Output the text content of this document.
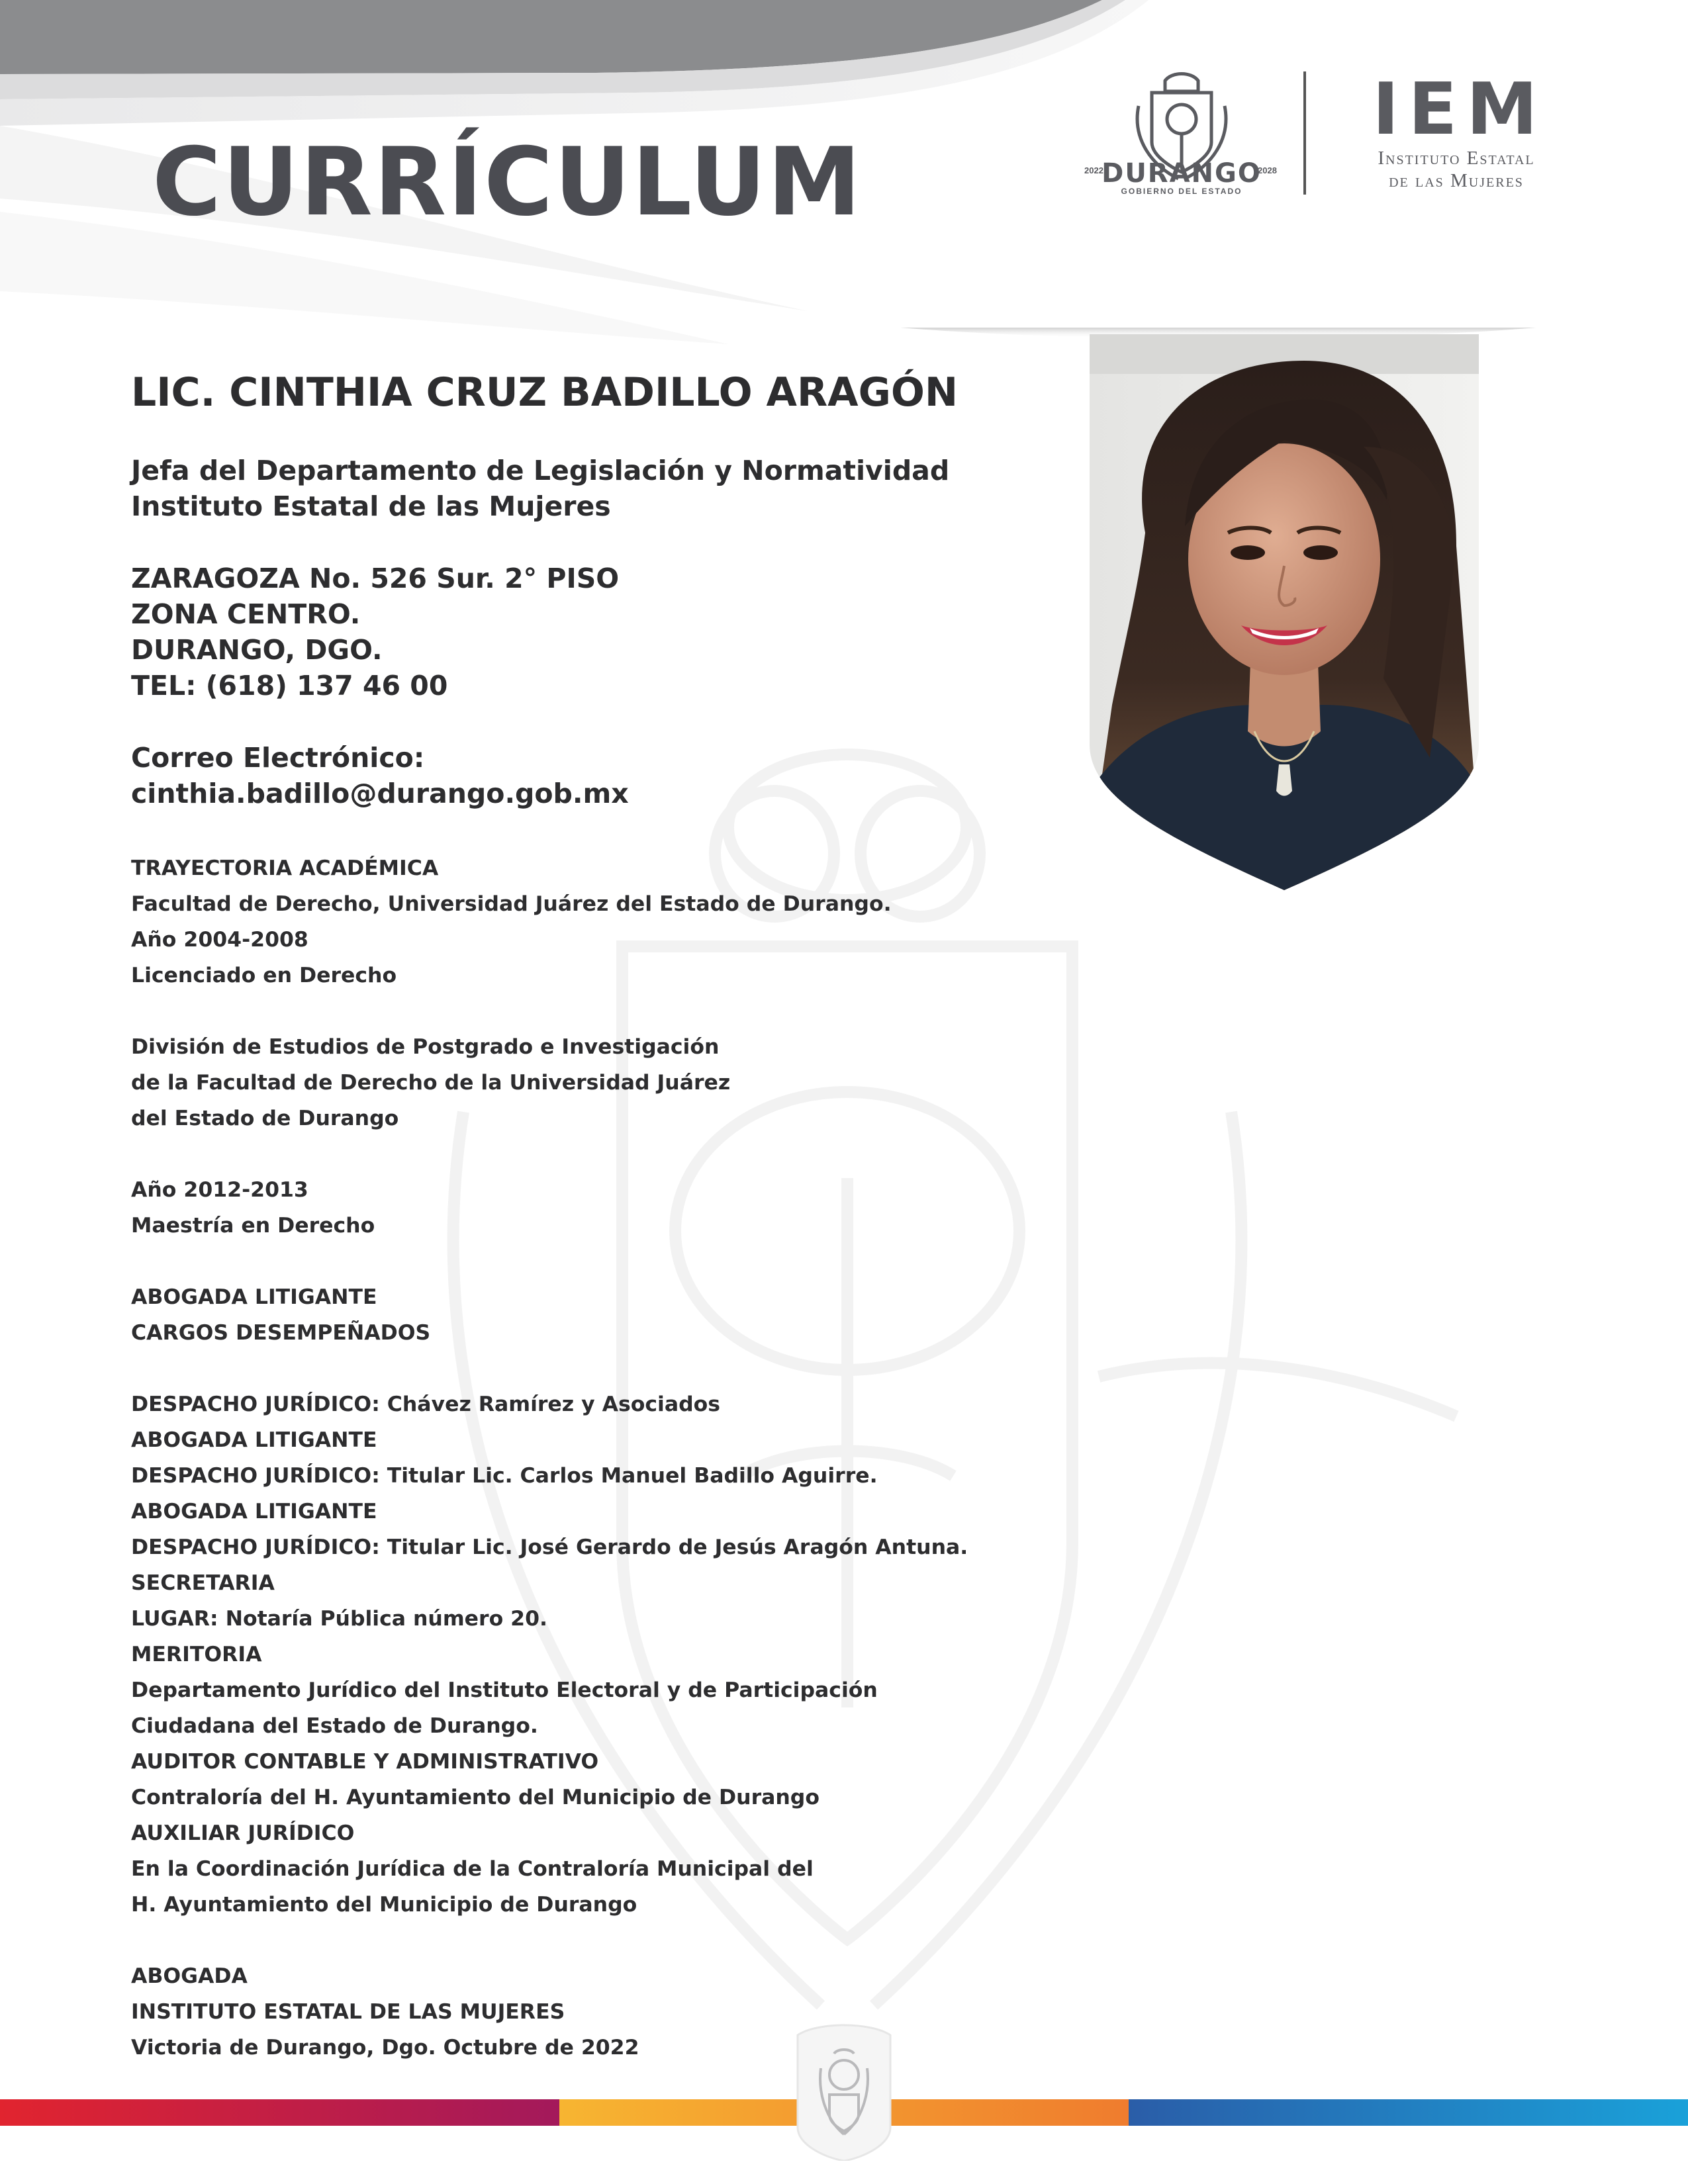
CURRÍCULUM	2022
DURANGO
2028
GOBIERNO DEL ESTADO
IEM
Instituto Estatal
de las Mujeres
LIC. CINTHIA CRUZ BADILLO ARAGÓN
Jefa del Departamento de Legislación y Normatividad
Instituto Estatal de las Mujeres
ZARAGOZA No. 526 Sur. 2° PISO
ZONA CENTRO.
DURANGO, DGO.
TEL: (618) 137 46 00
Correo Electrónico:
cinthia.badillo@durango.gob.mx
TRAYECTORIA ACADÉMICA
Facultad de Derecho, Universidad Juárez del Estado de Durango.
Año 2004-2008
Licenciado en Derecho
División de Estudios de Postgrado e Investigación
de la Facultad de Derecho de la Universidad Juárez
del Estado de Durango
Año 2012-2013
Maestría en Derecho
ABOGADA LITIGANTE
CARGOS DESEMPEÑADOS
DESPACHO JURÍDICO: Chávez Ramírez y Asociados
ABOGADA LITIGANTE
DESPACHO JURÍDICO: Titular Lic. Carlos Manuel Badillo Aguirre.
ABOGADA LITIGANTE
DESPACHO JURÍDICO: Titular Lic. José Gerardo de Jesús Aragón Antuna.
SECRETARIA
LUGAR: Notaría Pública número 20.
MERITORIA
Departamento Jurídico del Instituto Electoral y de Participación
Ciudadana del Estado de Durango.
AUDITOR CONTABLE Y ADMINISTRATIVO
Contraloría del H. Ayuntamiento del Municipio de Durango
AUXILIAR JURÍDICO
En la Coordinación Jurídica de la Contraloría Municipal del
H. Ayuntamiento del Municipio de Durango
ABOGADA
INSTITUTO ESTATAL DE LAS MUJERES
Victoria de Durango, Dgo. Octubre de 2022
